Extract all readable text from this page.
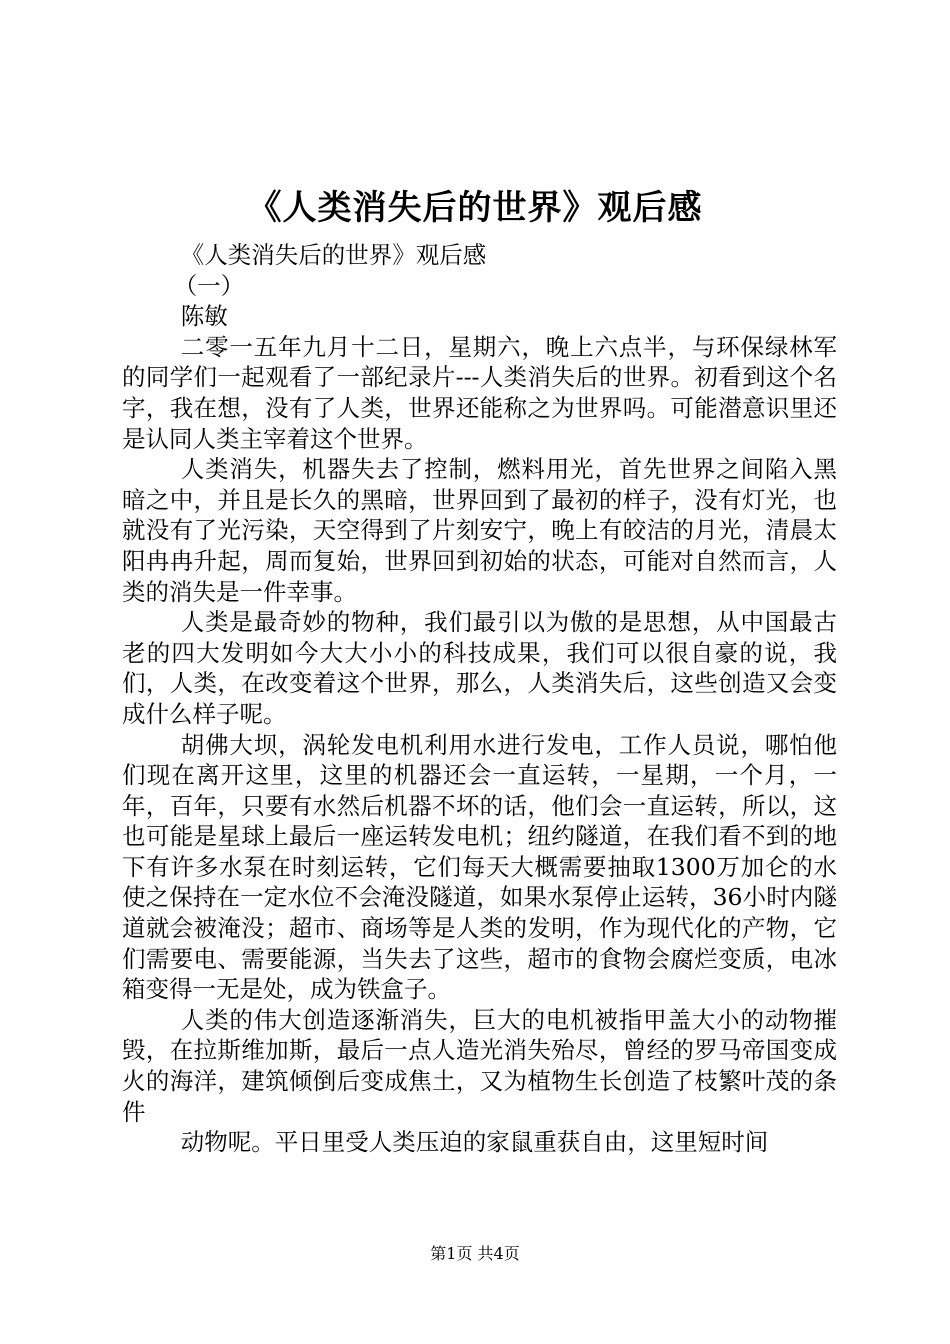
《人类消失后的世界》观后感

《人类消失后的世界》观后感

（一）

陈敏

二零一五年九月十二日，星期六，晚上六点半，与环保绿林军的同学们一起观看了一部纪录片---人类消失后的世界。初看到这个名字，我在想，没有了人类，世界还能称之为世界吗。可能潜意识里还是认同人类主宰着这个世界。

人类消失，机器失去了控制，燃料用光，首先世界之间陷入黑暗之中，并且是长久的黑暗，世界回到了最初的样子，没有灯光，也就没有了光污染，天空得到了片刻安宁，晚上有皎洁的月光，清晨太阳冉冉升起，周而复始，世界回到初始的状态，可能对自然而言，人类的消失是一件幸事。

人类是最奇妙的物种，我们最引以为傲的是思想，从中国最古老的四大发明如今大大小小的科技成果，我们可以很自豪的说，我们，人类，在改变着这个世界，那么，人类消失后，这些创造又会变成什么样子呢。

胡佛大坝，涡轮发电机利用水进行发电，工作人员说，哪怕他们现在离开这里，这里的机器还会一直运转，一星期，一个月，一年，百年，只要有水然后机器不坏的话，他们会一直运转，所以，这也可能是星球上最后一座运转发电机；纽约隧道，在我们看不到的地下有许多水泵在时刻运转，它们每天大概需要抽取1300万加仑的水使之保持在一定水位不会淹没隧道，如果水泵停止运转，36小时内隧道就会被淹没；超市、商场等是人类的发明，作为现代化的产物，它们需要电、需要能源，当失去了这些，超市的食物会腐烂变质，电冰箱变得一无是处，成为铁盒子。

人类的伟大创造逐渐消失，巨大的电机被指甲盖大小的动物摧毁，在拉斯维加斯，最后一点人造光消失殆尽，曾经的罗马帝国变成火的海洋，建筑倾倒后变成焦土，又为植物生长创造了枝繁叶茂的条件

动物呢。平日里受人类压迫的家鼠重获自由，这里短时间

第1页 共4页
